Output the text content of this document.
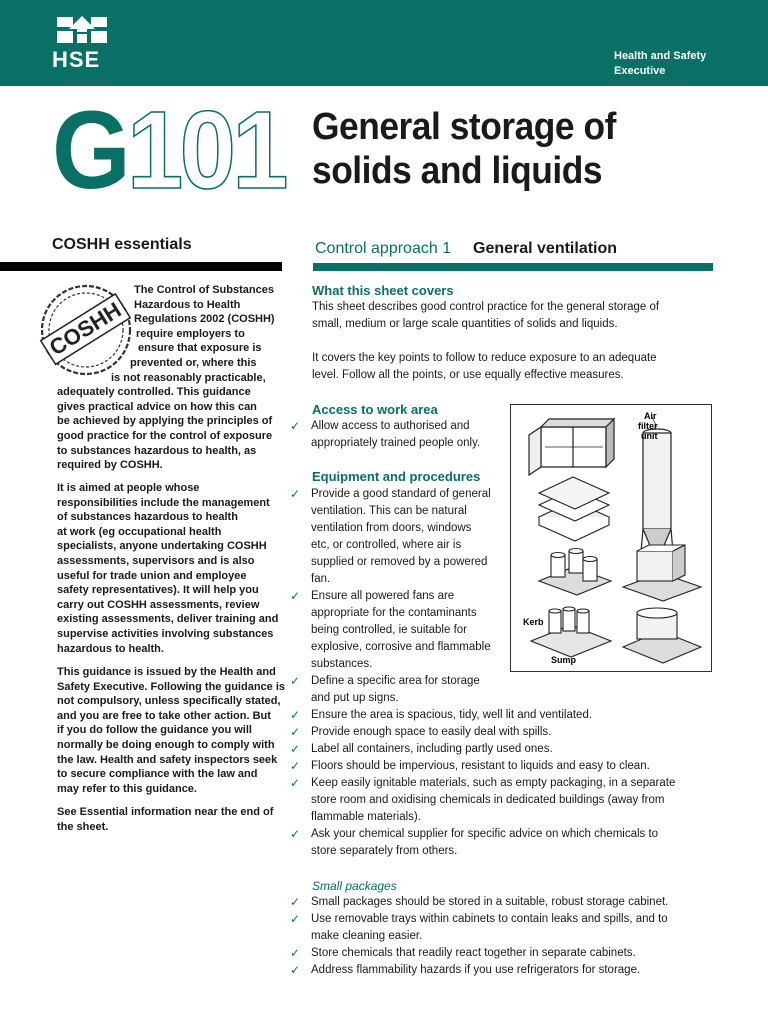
HSE	Health and Safety
Executive
G101 General storage of
solids and liquids
COSHH essentials	Control approach 1 General ventilation
COSHH

The Control of Substances

Hazardous to Health

Regulations 2002 (COSHH)

require employers to

ensure that exposure is

prevented or, where this

is not reasonably practicable,

adequately controlled. This guidance

gives practical advice on how this can

be achieved by applying the principles of

good practice for the control of exposure

to substances hazardous to health, as

required by COSHH.

It is aimed at people whose

responsibilities include the management

of substances hazardous to health

at work (eg occupational health

specialists, anyone undertaking COSHH

assessments, supervisors and is also

useful for trade union and employee

safety representatives). It will help you

carry out COSHH assessments, review

existing assessments, deliver training and

supervise activities involving substances

hazardous to health.

This guidance is issued by the Health and

Safety Executive. Following the guidance is

not compulsory, unless specifically stated,

and you are free to take other action. But

if you do follow the guidance you will

normally be doing enough to comply with

the law. Health and safety inspectors seek

to secure compliance with the law and

may refer to this guidance.

See Essential information near the end of

the sheet.

What this sheet covers

This sheet describes good control practice for the general storage of

small, medium or large scale quantities of solids and liquids.

It covers the key points to follow to reduce exposure to an adequate

level. Follow all the points, or use equally effective measures.

Access to work area

✓ Allow access to authorised and
appropriately trained people only.

Equipment and procedures

✓ Provide a good standard of general
ventilation. This can be natural
ventilation from doors, windows
etc, or controlled, where air is
supplied or removed by a powered
fan.
✓ Ensure all powered fans are
appropriate for the contaminants
being controlled, ie suitable for
explosive, corrosive and flammable
substances.
✓ Define a specific area for storage
and put up signs.
✓ Ensure the area is spacious, tidy, well lit and ventilated.
✓ Provide enough space to easily deal with spills.
✓ Label all containers, including partly used ones.
✓ Floors should be impervious, resistant to liquids and easy to clean.
✓ Keep easily ignitable materials, such as empty packaging, in a separate
store room and oxidising chemicals in dedicated buildings (away from
flammable materials).
✓ Ask your chemical supplier for specific advice on which chemicals to
store separately from others.

Small packages

✓ Small packages should be stored in a suitable, robust storage cabinet.
✓ Use removable trays within cabinets to contain leaks and spills, and to
make cleaning easier.
✓ Store chemicals that readily react together in separate cabinets.
✓ Address flammability hazards if you use refrigerators for storage.
Air
filter
unit
Kerb
Sump
